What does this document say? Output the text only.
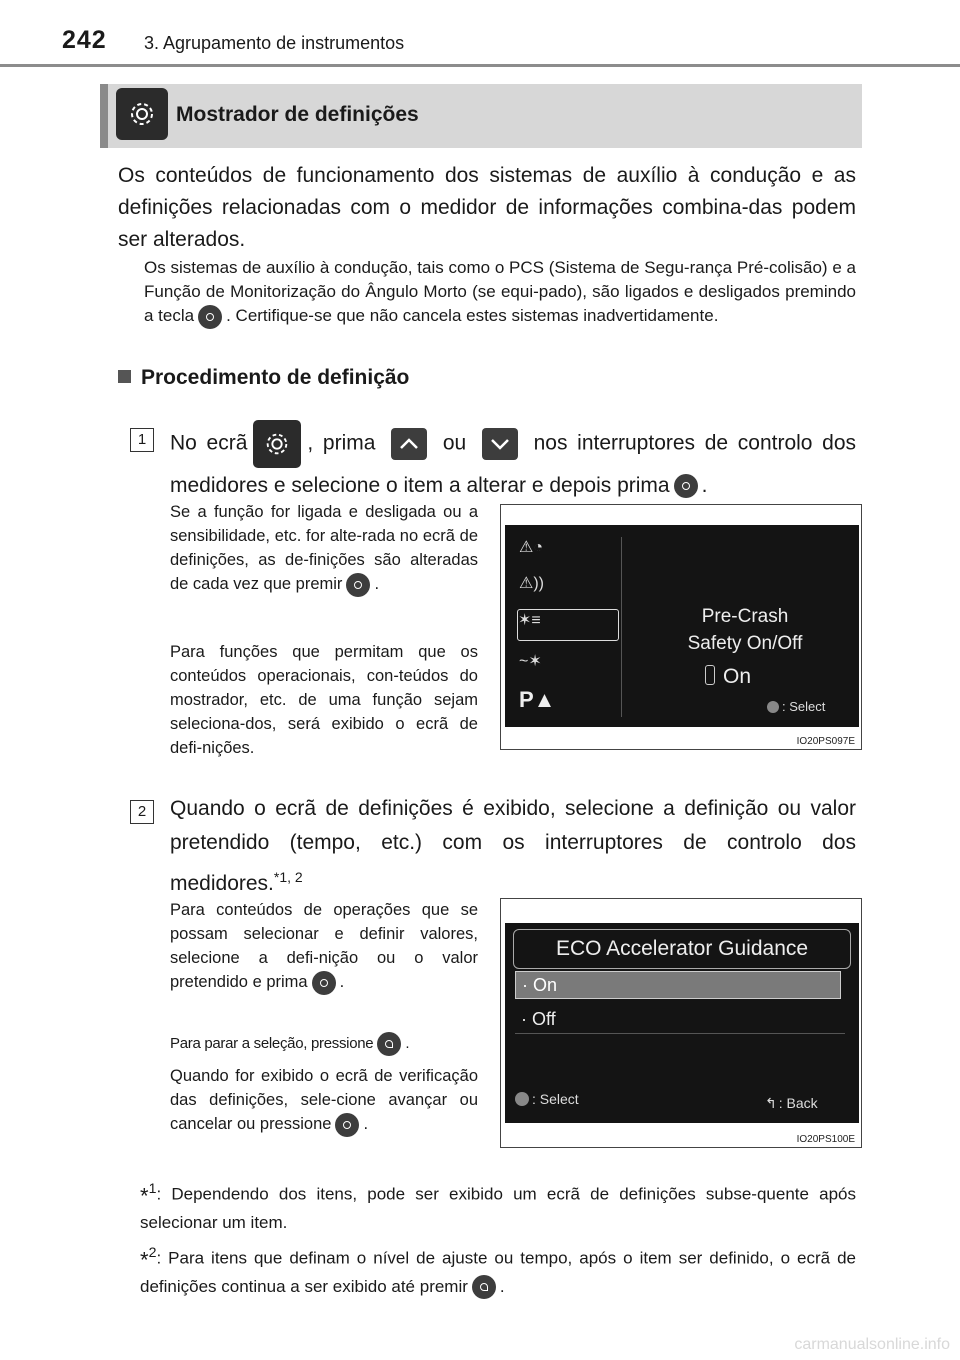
242 3. Agrupamento de instrumentos
Mostrador de definições
Os conteúdos de funcionamento dos sistemas de auxílio à condução e as definições relacionadas com o medidor de informações combina-das podem ser alterados.
Os sistemas de auxílio à condução, tais como o PCS (Sistema de Segu-rança Pré-colisão) e a Função de Monitorização do Ângulo Morto (se equi-pado), são ligados e desligados premindo a tecla . Certifique-se que não cancela estes sistemas inadvertidamente.
Procedimento de definição
1	No ecrã	, prima	ou	nos interruptores de controlo dos medidores e selecione o item a alterar e depois prima .
Se a função for ligada e desligada ou a sensibilidade, etc. for alte-rada no ecrã de definições, as de-finições são alteradas de cada vez que premir .
Para funções que permitam que os conteúdos operacionais, con-teúdos do mostrador, etc. de uma função sejam seleciona-dos, será exibido o ecrã de defi-nições.
⚠◔
⚠))
✶≡
~✶
P▲
Pre-Crash
Safety On/Off
On
: Select
IO20PS097E
2	Quando o ecrã de definições é exibido, selecione a definição ou valor pretendido (tempo, etc.) com os interruptores de controlo dos medidores.$^{*1, 2}$
Para conteúdos de operações que se possam selecionar e definir valores, selecione a defi-nição ou o valor pretendido e prima .
Para parar a seleção, pressione .
Quando for exibido o ecrã de verificação das definições, sele-cione avançar ou cancelar ou pressione .
ECO Accelerator Guidance
· On
· Off
: Select	↰ : Back
IO20PS100E
*$^1$: Dependendo dos itens, pode ser exibido um ecrã de definições subse-quente após selecionar um item.
*$^2$: Para itens que definam o nível de ajuste ou tempo, após o item ser definido, o ecrã de definições continua a ser exibido até premir .
carmanualsonline.info
